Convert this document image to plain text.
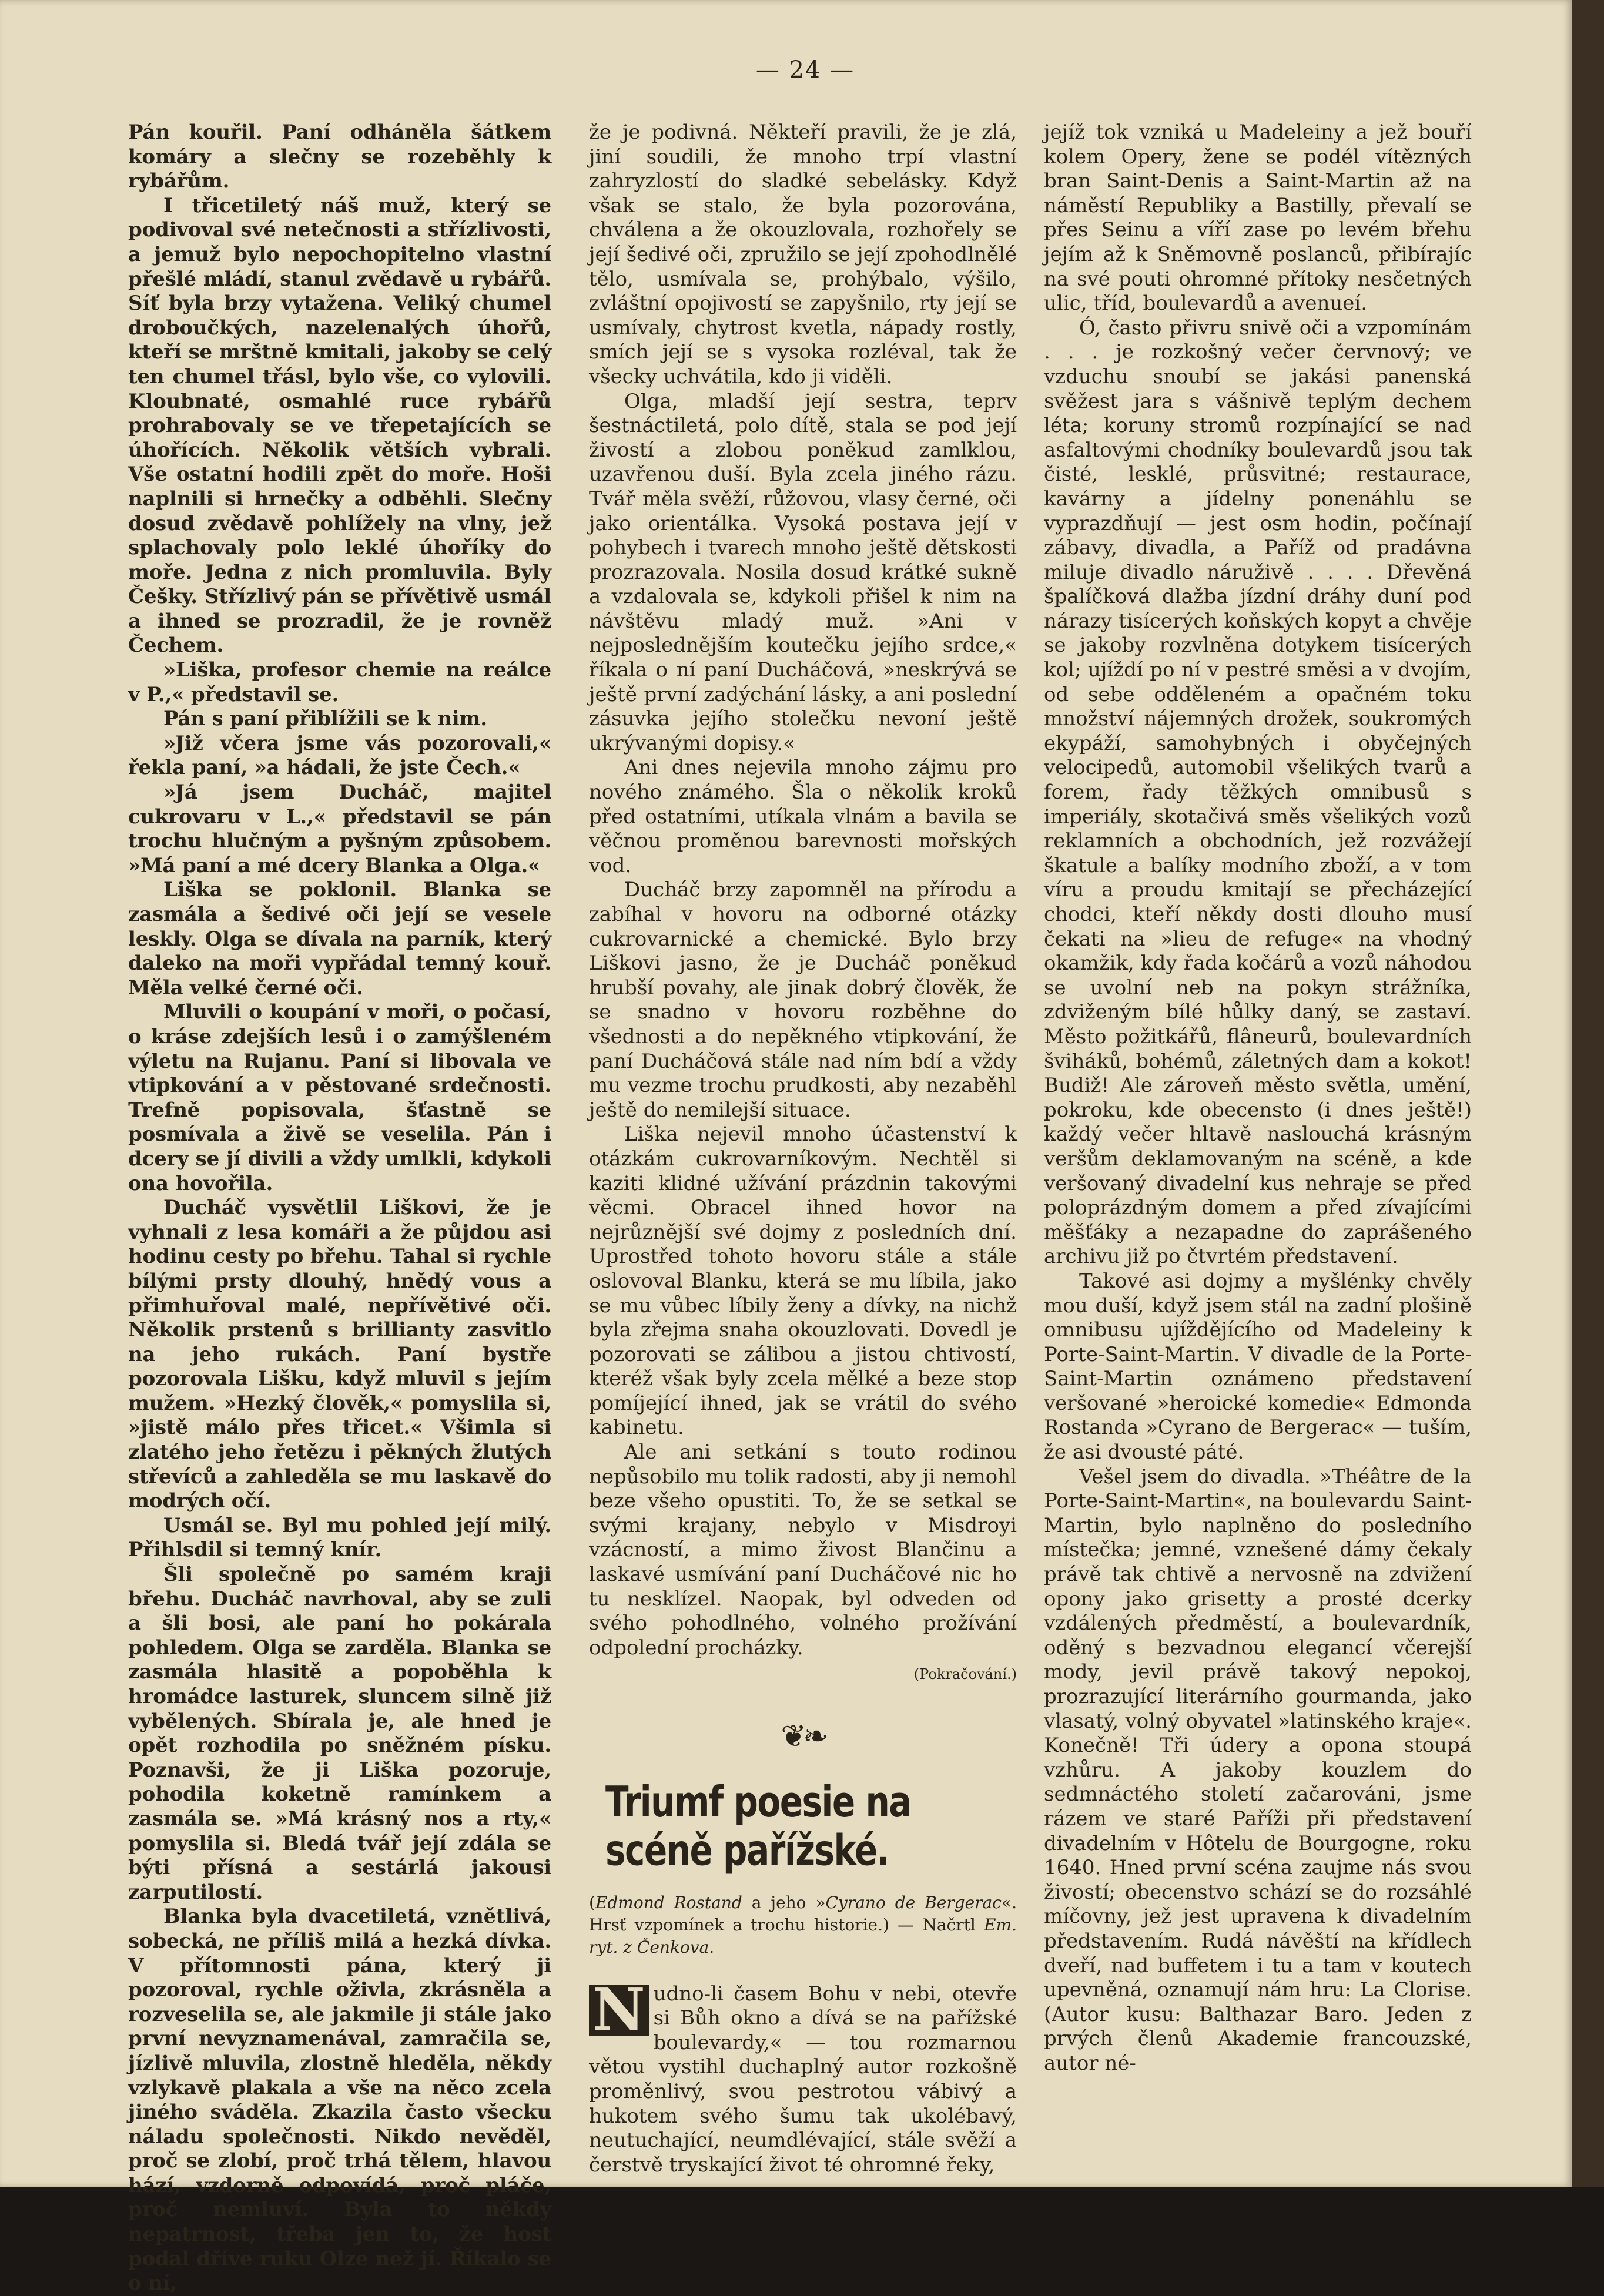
— 24 —

Pán kouřil. Paní odháněla šátkem komáry a slečny se rozeběhly k rybářům.

I třicetiletý náš muž, který se podivoval své netečnosti a střízlivosti, a jemuž bylo nepochopitelno vlastní přešlé mládí, stanul zvědavě u rybářů. Síť byla brzy vytažena. Veliký chumel droboučkých, nazelenalých úhořů, kteří se mrštně kmitali, jakoby se celý ten chumel třásl, bylo vše, co vylovili. Kloubnaté, osmahlé ruce rybářů prohrabovaly se ve třepetajících se úhořících. Několik větších vybrali. Vše ostatní hodili zpět do moře. Hoši naplnili si hrnečky a odběhli. Slečny dosud zvědavě pohlížely na vlny, jež splachovaly polo leklé úhoříky do moře. Jedna z nich promluvila. Byly Češky. Střízlivý pán se přívětivě usmál a ihned se prozradil, že je rovněž Čechem.

»Liška, profesor chemie na reálce v P.,« představil se.

Pán s paní přiblížili se k nim.

»Již včera jsme vás pozorovali,« řekla paní, »a hádali, že jste Čech.«

»Já jsem Ducháč, majitel cukrovaru v L.,« představil se pán trochu hlučným a pyšným způsobem. »Má paní a mé dcery Blanka a Olga.«

Liška se poklonil. Blanka se zasmála a šedivé oči její se vesele leskly. Olga se dívala na parník, který daleko na moři vypřádal temný kouř. Měla velké černé oči.

Mluvili o koupání v moři, o počasí, o kráse zdejších lesů i o zamýšleném výletu na Rujanu. Paní si libovala ve vtipkování a v pěstované srdečnosti. Trefně popisovala, šťastně se posmívala a živě se veselila. Pán i dcery se jí divili a vždy umlkli, kdykoli ona hovořila.

Ducháč vysvětlil Liškovi, že je vyhnali z lesa komáři a že půjdou asi hodinu cesty po břehu. Tahal si rychle bílými prsty dlouhý, hnědý vous a přimhuřoval malé, nepřívětivé oči. Několik prstenů s brillianty zasvitlo na jeho rukách. Paní bystře pozorovala Lišku, když mluvil s jejím mužem. »Hezký člověk,« pomyslila si, »jistě málo přes třicet.« Všimla si zlatého jeho řetězu i pěkných žlutých střevíců a zahleděla se mu laskavě do modrých očí.

Usmál se. Byl mu pohled její milý. Přihlsdil si temný knír.

Šli společně po samém kraji břehu. Ducháč navrhoval, aby se zuli a šli bosi, ale paní ho pokárala pohledem. Olga se zarděla. Blanka se zasmála hlasitě a popoběhla k hromádce lasturek, sluncem silně již vybělených. Sbírala je, ale hned je opět rozhodila po sněžném písku. Poznavši, že ji Liška pozoruje, pohodila koketně ramínkem a zasmála se. »Má krásný nos a rty,« pomyslila si. Bledá tvář její zdála se býti přísná a sestárlá jakousi zarputilostí.

Blanka byla dvacetiletá, vznětlivá, sobecká, ne příliš milá a hezká dívka. V přítomnosti pána, který ji pozoroval, rychle oživla, zkrásněla a rozveselila se, ale jakmile ji stále jako první nevyznamenával, zamračila se, jízlivě mluvila, zlostně hleděla, někdy vzlykavě plakala a vše na něco zcela jiného sváděla. Zkazila často všecku náladu společnosti. Nikdo nevěděl, proč se zlobí, proč trhá tělem, hlavou hází, vzdorně odpovídá, proč pláče, proč nemluví. Byla to někdy nepatrnost, třeba jen to, že host podal dříve ruku Olze než jí. Říkalo se o ní,

že je podivná. Někteří pravili, že je zlá, jiní soudili, že mnoho trpí vlastní zahryzlostí do sladké sebelásky. Když však se stalo, že byla pozorována, chválena a že okouzlovala, rozhořely se její šedivé oči, zpružilo se její zpohodlnělé tělo, usmívala se, prohýbalo, výšilo, zvláštní opojivostí se zapyšnilo, rty její se usmívaly, chytrost kvetla, nápady rostly, smích její se s vysoka rozléval, tak že všecky uchvátila, kdo ji viděli.

Olga, mladší její sestra, teprv šestnáctiletá, polo dítě, stala se pod její živostí a zlobou poněkud zamlklou, uzavřenou duší. Byla zcela jiného rázu. Tvář měla svěží, růžovou, vlasy černé, oči jako orientálka. Vysoká postava její v pohybech i tvarech mnoho ještě dětskosti prozrazovala. Nosila dosud krátké sukně a vzdalovala se, kdykoli přišel k nim na návštěvu mladý muž. »Ani v nejposlednějším koutečku jejího srdce,« říkala o ní paní Ducháčová, »neskrývá se ještě první zadýchání lásky, a ani poslední zásuvka jejího stolečku nevoní ještě ukrývanými dopisy.«

Ani dnes nejevila mnoho zájmu pro nového známého. Šla o několik kroků před ostatními, utíkala vlnám a bavila se věčnou proměnou barevnosti mořských vod.

Ducháč brzy zapomněl na přírodu a zabíhal v hovoru na odborné otázky cukrovarnické a chemické. Bylo brzy Liškovi jasno, že je Ducháč poněkud hrubší povahy, ale jinak dobrý člověk, že se snadno v hovoru rozběhne do všednosti a do nepěkného vtipkování, že paní Ducháčová stále nad ním bdí a vždy mu vezme trochu prudkosti, aby nezaběhl ještě do nemilejší situace.

Liška nejevil mnoho účastenství k otázkám cukrovarníkovým. Nechtěl si kaziti klidné užívání prázdnin takovými věcmi. Obracel ihned hovor na nejrůznější své dojmy z posledních dní. Uprostřed tohoto hovoru stále a stále oslovoval Blanku, která se mu líbila, jako se mu vůbec líbily ženy a dívky, na nichž byla zřejma snaha okouzlovati. Dovedl je pozorovati se zálibou a jistou chtivostí, kteréž však byly zcela mělké a beze stop pomíjející ihned, jak se vrátil do svého kabinetu.

Ale ani setkání s touto rodinou nepůsobilo mu tolik radosti, aby ji nemohl beze všeho opustiti. To, že se setkal se svými krajany, nebylo v Misdroyi vzácností, a mimo živost Blančinu a laskavé usmívání paní Ducháčové nic ho tu nesklízel. Naopak, byl odveden od svého pohodlného, volného prožívání odpolední procházky.

(Pokračování.)

❦❧
Triumf poesie na scéně pařížské.

(Edmond Rostand a jeho »Cyrano de Bergerac«. Hrsť vzpomínek a trochu historie.) — Načrtl Em. ryt. z Čenkova.

N udno-li časem Bohu v nebi, otevře si Bůh okno a dívá se na pařížské boulevardy,« — tou rozmarnou větou vystihl duchaplný autor rozkošně proměnlivý, svou pestrotou vábivý a hukotem svého šumu tak ukolébavý, neutuchající, neumdlévající, stále svěží a čerstvě tryskající život té ohromné řeky,

jejíž tok vzniká u Madeleiny a jež bouří kolem Opery, žene se podél vítězných bran Saint-Denis a Saint-Martin až na náměstí Republiky a Bastilly, převalí se přes Seinu a víří zase po levém břehu jejím až k Sněmovně poslanců, přibírajíc na své pouti ohromné přítoky nesčetných ulic, tříd, boulevardů a avenueí.

Ó, často přivru snivě oči a vzpomínám . . . je rozkošný večer červnový; ve vzduchu snoubí se jakási panenská svěžest jara s vášnivě teplým dechem léta; koruny stromů rozpínající se nad asfaltovými chodníky boulevardů jsou tak čisté, lesklé, průsvitné; restaurace, kavárny a jídelny ponenáhlu se vyprazdňují — jest osm hodin, počínají zábavy, divadla, a Paříž od pradávna miluje divadlo náruživě . . . . Dřevěná špalíčková dlažba jízdní dráhy duní pod nárazy tisícerých koňských kopyt a chvěje se jakoby rozvlněna dotykem tisícerých kol; ujíždí po ní v pestré směsi a v dvojím, od sebe odděleném a opačném toku množství nájemných drožek, soukromých ekypáží, samohybných i obyčejných velocipedů, automobil všelikých tvarů a forem, řady těžkých omnibusů s imperiály, skotačivá směs všelikých vozů reklamních a obchodních, jež rozvážejí škatule a balíky modního zboží, a v tom víru a proudu kmitají se přecházející chodci, kteří někdy dosti dlouho musí čekati na »lieu de refuge« na vhodný okamžik, kdy řada kočárů a vozů náhodou se uvolní neb na pokyn strážníka, zdviženým bílé hůlky daný, se zastaví. Město požitkářů, flâneurů, boulevardních šviháků, bohémů, záletných dam a kokot! Budiž! Ale zároveň město světla, umění, pokroku, kde obecensto (i dnes ještě!) každý večer hltavě naslouchá krásným veršům deklamovaným na scéně, a kde veršovaný divadelní kus nehraje se před poloprázdným domem a před zívajícími měšťáky a nezapadne do zaprášeného archivu již po čtvrtém představení.

Takové asi dojmy a myšlénky chvěly mou duší, když jsem stál na zadní plošině omnibusu ujíždějícího od Madeleiny k Porte-Saint-Martin. V divadle de la Porte-Saint-Martin oznámeno představení veršované »heroické komedie« Edmonda Rostanda »Cyrano de Bergerac« — tuším, že asi dvousté páté.

Vešel jsem do divadla. »Théâtre de la Porte-Saint-Martin«, na boulevardu Saint-Martin, bylo naplněno do posledního místečka; jemné, vznešené dámy čekaly právě tak chtivě a nervosně na zdvižení opony jako grisetty a prosté dcerky vzdálených předměstí, a boulevardník, oděný s bezvadnou elegancí včerejší mody, jevil právě takový nepokoj, prozrazující literárního gourmanda, jako vlasatý, volný obyvatel »latinského kraje«. Konečně! Tři údery a opona stoupá vzhůru. A jakoby kouzlem do sedmnáctého století začarováni, jsme rázem ve staré Paříži při představení divadelním v Hôtelu de Bourgogne, roku 1640. Hned první scéna zaujme nás svou živostí; obecenstvo schází se do rozsáhlé míčovny, jež jest upravena k divadelním představením. Rudá návěští na křídlech dveří, nad buffetem i tu a tam v koutech upevněná, oznamují nám hru: La Clorise. (Autor kusu: Balthazar Baro. Jeden z prvých členů Akademie francouzské, autor né-
